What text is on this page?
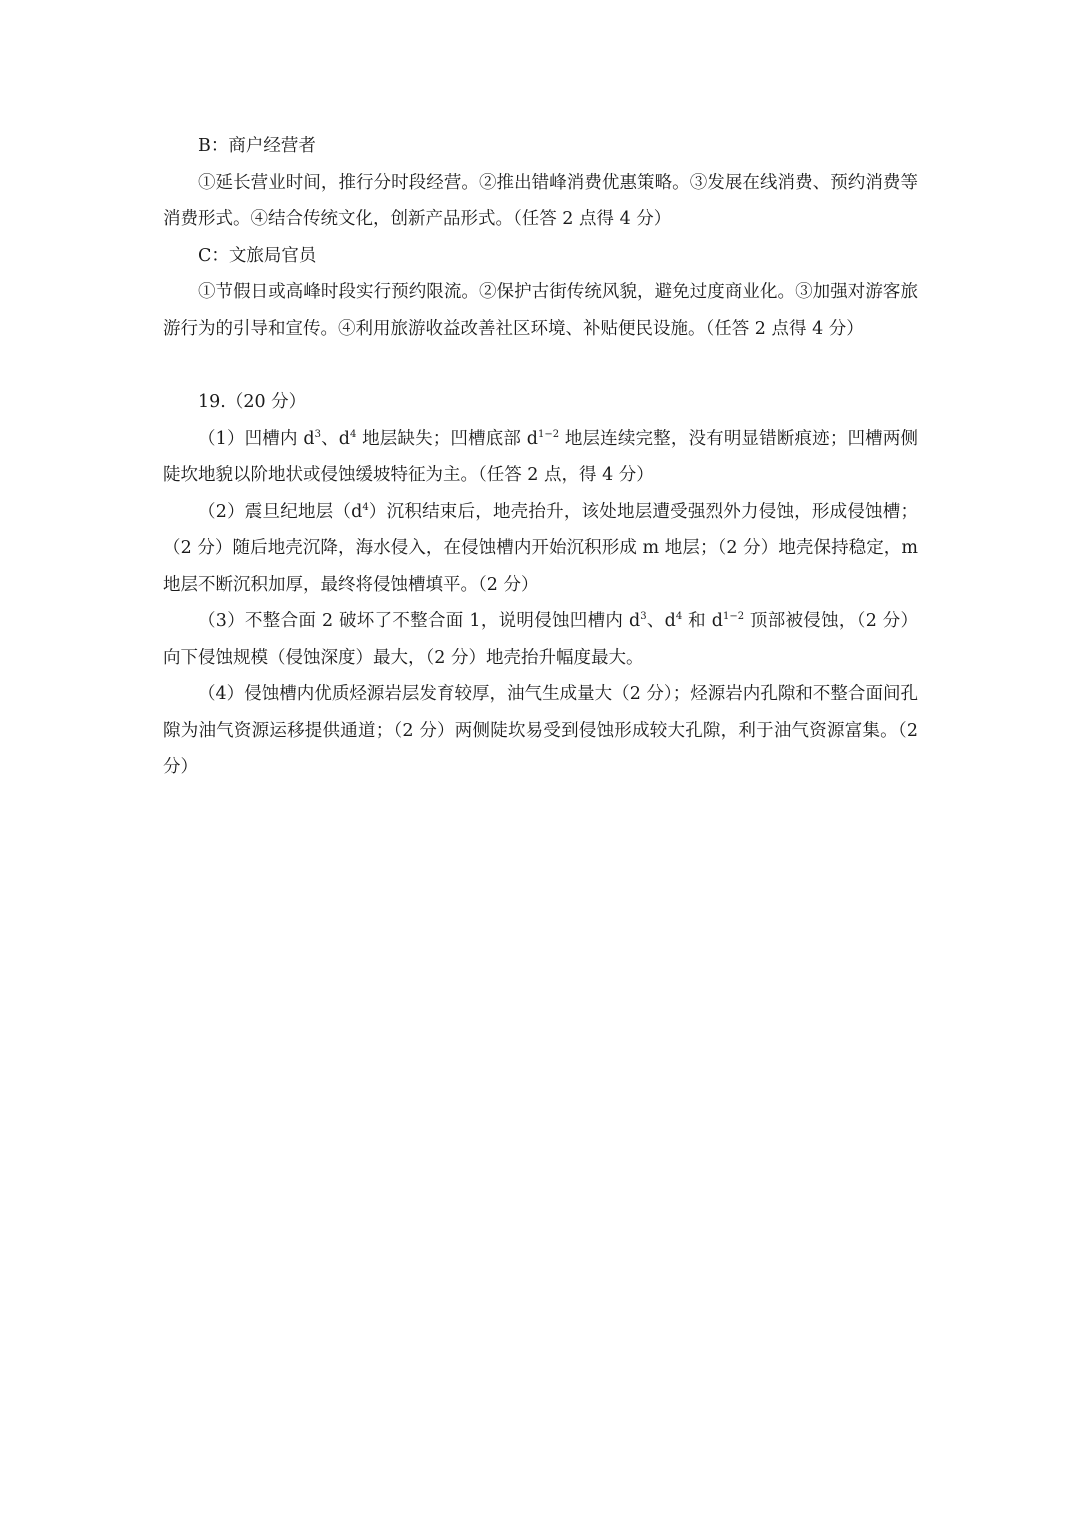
B：商户经营者

①延长营业时间，推行分时段经营。②推出错峰消费优惠策略。③发展在线消费、预约消费等消费形式。④结合传统文化，创新产品形式。（任答 2 点得 4 分）

C：文旅局官员

①节假日或高峰时段实行预约限流。②保护古街传统风貌，避免过度商业化。③加强对游客旅游行为的引导和宣传。④利用旅游收益改善社区环境、补贴便民设施。（任答 2 点得 4 分）

19.（20 分）

（1）凹槽内 $d^3$、$d^4$ 地层缺失；凹槽底部 $d^{1-2}$ 地层连续完整，没有明显错断痕迹；凹槽两侧陡坎地貌以阶地状或侵蚀缓坡特征为主。（任答 2 点，得 4 分）

（2）震旦纪地层$(d^4)$沉积结束后，地壳抬升，该处地层遭受强烈外力侵蚀，形成侵蚀槽；（2 分）随后地壳沉降，海水侵入，在侵蚀槽内开始沉积形成 m 地层；（2 分）地壳保持稳定，m 地层不断沉积加厚，最终将侵蚀槽填平。（2 分）

（3）不整合面 2 破坏了不整合面 1，说明侵蚀凹槽内 $d^3$、$d^4$ 和 $d^{1-2}$ 顶部被侵蚀，（2 分）向下侵蚀规模（侵蚀深度）最大，（2 分）地壳抬升幅度最大。

（4）侵蚀槽内优质烃源岩层发育较厚，油气生成量大（2 分）；烃源岩内孔隙和不整合面间孔隙为油气资源运移提供通道；（2 分）两侧陡坎易受到侵蚀形成较大孔隙，利于油气资源富集。（2 分）
